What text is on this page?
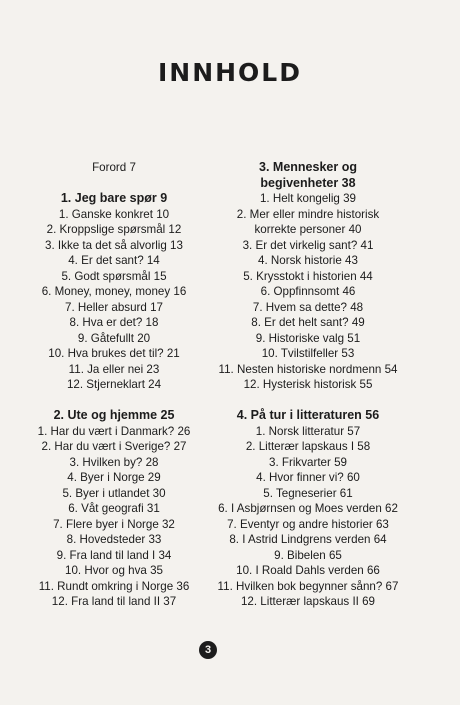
INNHOLD
Forord 7
1. Jeg bare spør 9
1. Ganske konkret 10
2. Kroppslige spørsmål 12
3. Ikke ta det så alvorlig 13
4. Er det sant? 14
5. Godt spørsmål 15
6. Money, money, money 16
7. Heller absurd 17
8. Hva er det? 18
9. Gåtefullt 20
10. Hva brukes det til? 21
11. Ja eller nei 23
12. Stjerneklart 24
2. Ute og hjemme 25
1. Har du vært i Danmark? 26
2. Har du vært i Sverige? 27
3. Hvilken by? 28
4. Byer i Norge 29
5. Byer i utlandet 30
6. Våt geografi 31
7. Flere byer i Norge 32
8. Hovedsteder 33
9. Fra land til land I 34
10. Hvor og hva 35
11. Rundt omkring i Norge 36
12. Fra land til land II 37
3. Mennesker og
begivenheter 38
1. Helt kongelig 39
2. Mer eller mindre historisk
korrekte personer 40
3. Er det virkelig sant? 41
4. Norsk historie 43
5. Krysstokt i historien 44
6. Oppfinnsomt 46
7. Hvem sa dette? 48
8. Er det helt sant? 49
9. Historiske valg 51
10. Tvilstilfeller 53
11. Nesten historiske nordmenn 54
12. Hysterisk historisk 55
4. På tur i litteraturen 56
1. Norsk litteratur 57
2. Litterær lapskaus I 58
3. Frikvarter 59
4. Hvor finner vi? 60
5. Tegneserier 61
6. I Asbjørnsen og Moes verden 62
7. Eventyr og andre historier 63
8. I Astrid Lindgrens verden 64
9. Bibelen 65
10. I Roald Dahls verden 66
11. Hvilken bok begynner sånn? 67
12. Litterær lapskaus II 69
3
